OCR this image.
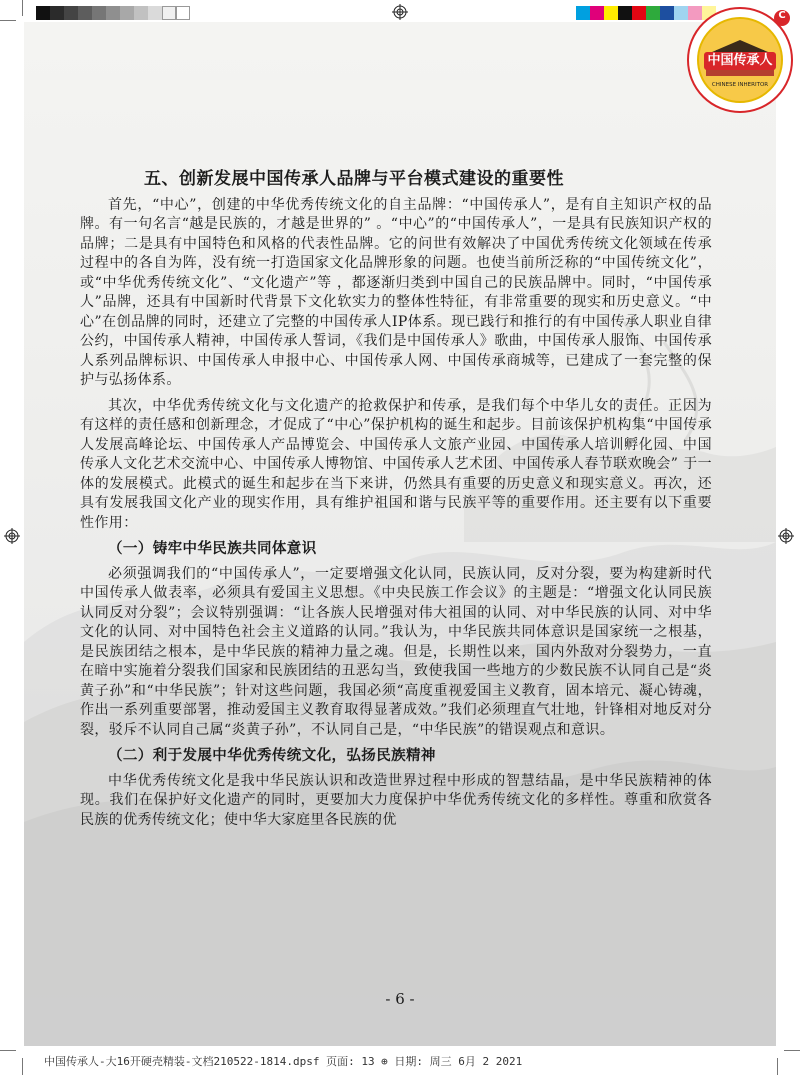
中国传承人
CHINESE INHERITOR
C
五、创新发展中国传承人品牌与平台模式建设的重要性

首先，“中心”，创建的中华优秀传统文化的自主品牌：“中国传承人”，是有自主知识产权的品牌。有一句名言“越是民族的，才越是世界的” 。“中心”的“中国传承人”，一是具有民族知识产权的品牌；二是具有中国特色和风格的代表性品牌。它的问世有效解决了中国优秀传统文化领域在传承过程中的各自为阵，没有统一打造国家文化品牌形象的问题。也使当前所泛称的“中国传统文化”，或“中华优秀传统文化”、“文化遗产”等 ，都逐渐归类到中国自己的民族品牌中。同时，“中国传承人”品牌，还具有中国新时代背景下文化软实力的整体性特征，有非常重要的现实和历史意义。“中心”在创品牌的同时，还建立了完整的中国传承人IP体系。现已践行和推行的有中国传承人职业自律公约，中国传承人精神，中国传承人誓词，《我们是中国传承人》歌曲，中国传承人服饰、中国传承人系列品牌标识、中国传承人申报中心、中国传承人网、中国传承商城等，已建成了一套完整的保护与弘扬体系。

其次，中华优秀传统文化与文化遗产的抢救保护和传承，是我们每个中华儿女的责任。正因为有这样的责任感和创新理念，才促成了“中心”保护机构的诞生和起步。目前该保护机构集“中国传承人发展高峰论坛、中国传承人产品博览会、中国传承人文旅产业园、中国传承人培训孵化园、中国传承人文化艺术交流中心、中国传承人博物馆、中国传承人艺术团、中国传承人春节联欢晚会” 于一体的发展模式。此模式的诞生和起步在当下来讲，仍然具有重要的历史意义和现实意义。再次，还具有发展我国文化产业的现实作用，具有维护祖国和谐与民族平等的重要作用。还主要有以下重要性作用：

（一）铸牢中华民族共同体意识

必须强调我们的“中国传承人”，一定要增强文化认同，民族认同，反对分裂，要为构建新时代中国传承人做表率，必须具有爱国主义思想。《中央民族工作会议》的主题是：“增强文化认同民族认同反对分裂”；会议特别强调：“让各族人民增强对伟大祖国的认同、对中华民族的认同、对中华文化的认同、对中国特色社会主义道路的认同。”我认为，中华民族共同体意识是国家统一之根基，是民族团结之根本，是中华民族的精神力量之魂。但是，长期性以来，国内外敌对分裂势力，一直在暗中实施着分裂我们国家和民族团结的丑恶勾当，致使我国一些地方的少数民族不认同自己是“炎黄子孙”和“中华民族”；针对这些问题，我国必须“高度重视爱国主义教育，固本培元、凝心铸魂，作出一系列重要部署，推动爱国主义教育取得显著成效。”我们必须理直气壮地，针锋相对地反对分裂，驳斥不认同自己属“炎黄子孙”，不认同自己是，“中华民族”的错误观点和意识。

（二）利于发展中华优秀传统文化，弘扬民族精神

中华优秀传统文化是我中华民族认识和改造世界过程中形成的智慧结晶，是中华民族精神的体现。我们在保护好文化遗产的同时，更要加大力度保护中华优秀传统文化的多样性。尊重和欣赏各民族的优秀传统文化；使中华大家庭里各民族的优

- 6 -
中国传承人-大16开硬壳精装-文档210522-1814.dpsf 页面: 13 ⊕ 日期: 周三 6月 2 2021
